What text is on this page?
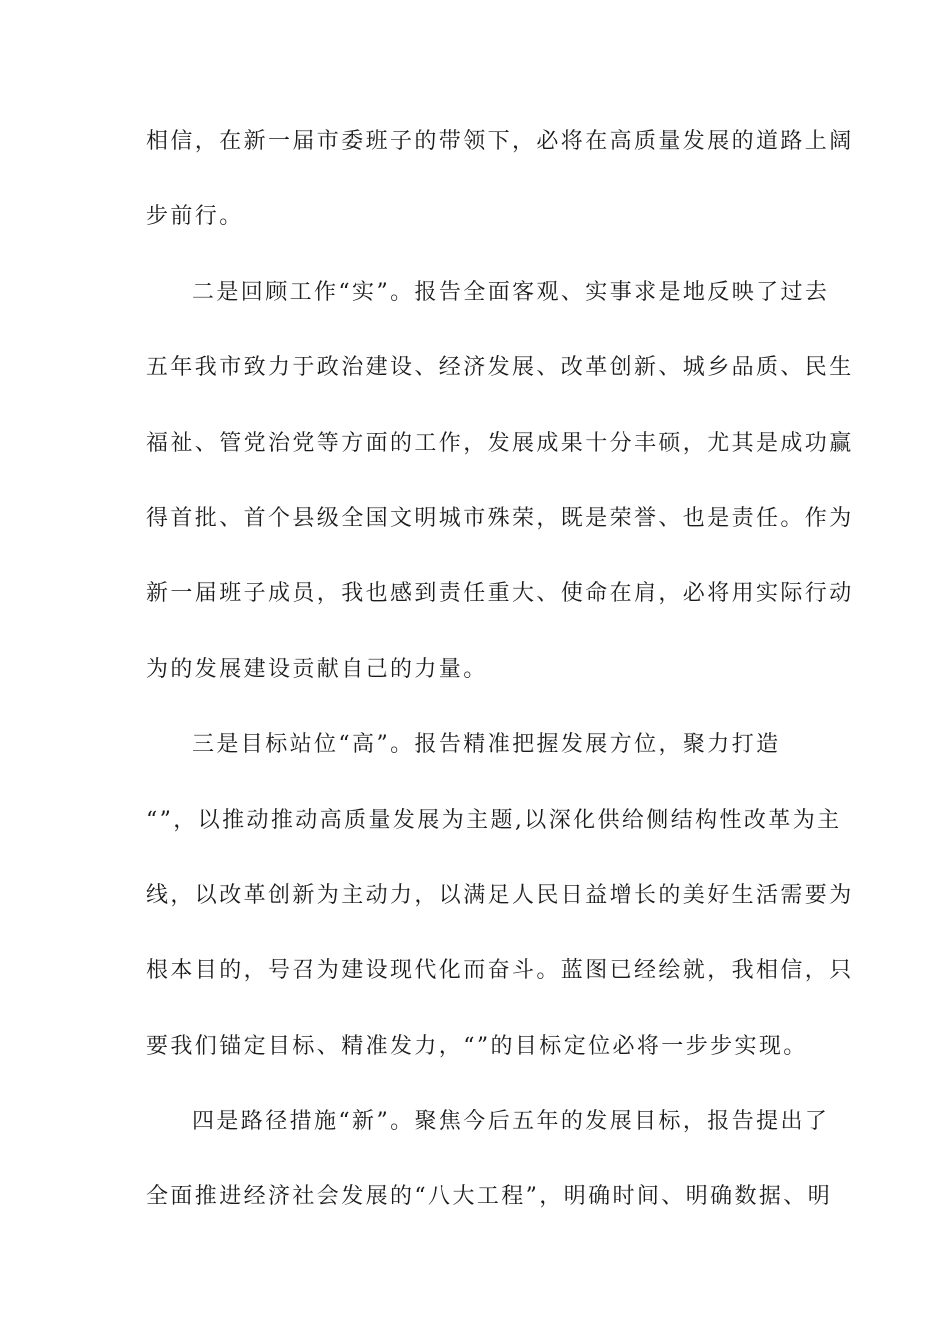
相信，在新一届市委班子的带领下，必将在高质量发展的道路上阔
步前行。
二是回顾工作“实”。报告全面客观、实事求是地反映了过去
五年我市致力于政治建设、经济发展、改革创新、城乡品质、民生
福祉、管党治党等方面的工作，发展成果十分丰硕，尤其是成功赢
得首批、首个县级全国文明城市殊荣，既是荣誉、也是责任。作为
新一届班子成员，我也感到责任重大、使命在肩，必将用实际行动
为的发展建设贡献自己的力量。
三是目标站位“高”。报告精准把握发展方位，聚力打造
“”，以推动推动高质量发展为主题,以深化供给侧结构性改革为主
线，以改革创新为主动力，以满足人民日益增长的美好生活需要为
根本目的，号召为建设现代化而奋斗。蓝图已经绘就，我相信，只
要我们锚定目标、精准发力，“”的目标定位必将一步步实现。
四是路径措施“新”。聚焦今后五年的发展目标，报告提出了
全面推进经济社会发展的“八大工程”，明确时间、明确数据、明
